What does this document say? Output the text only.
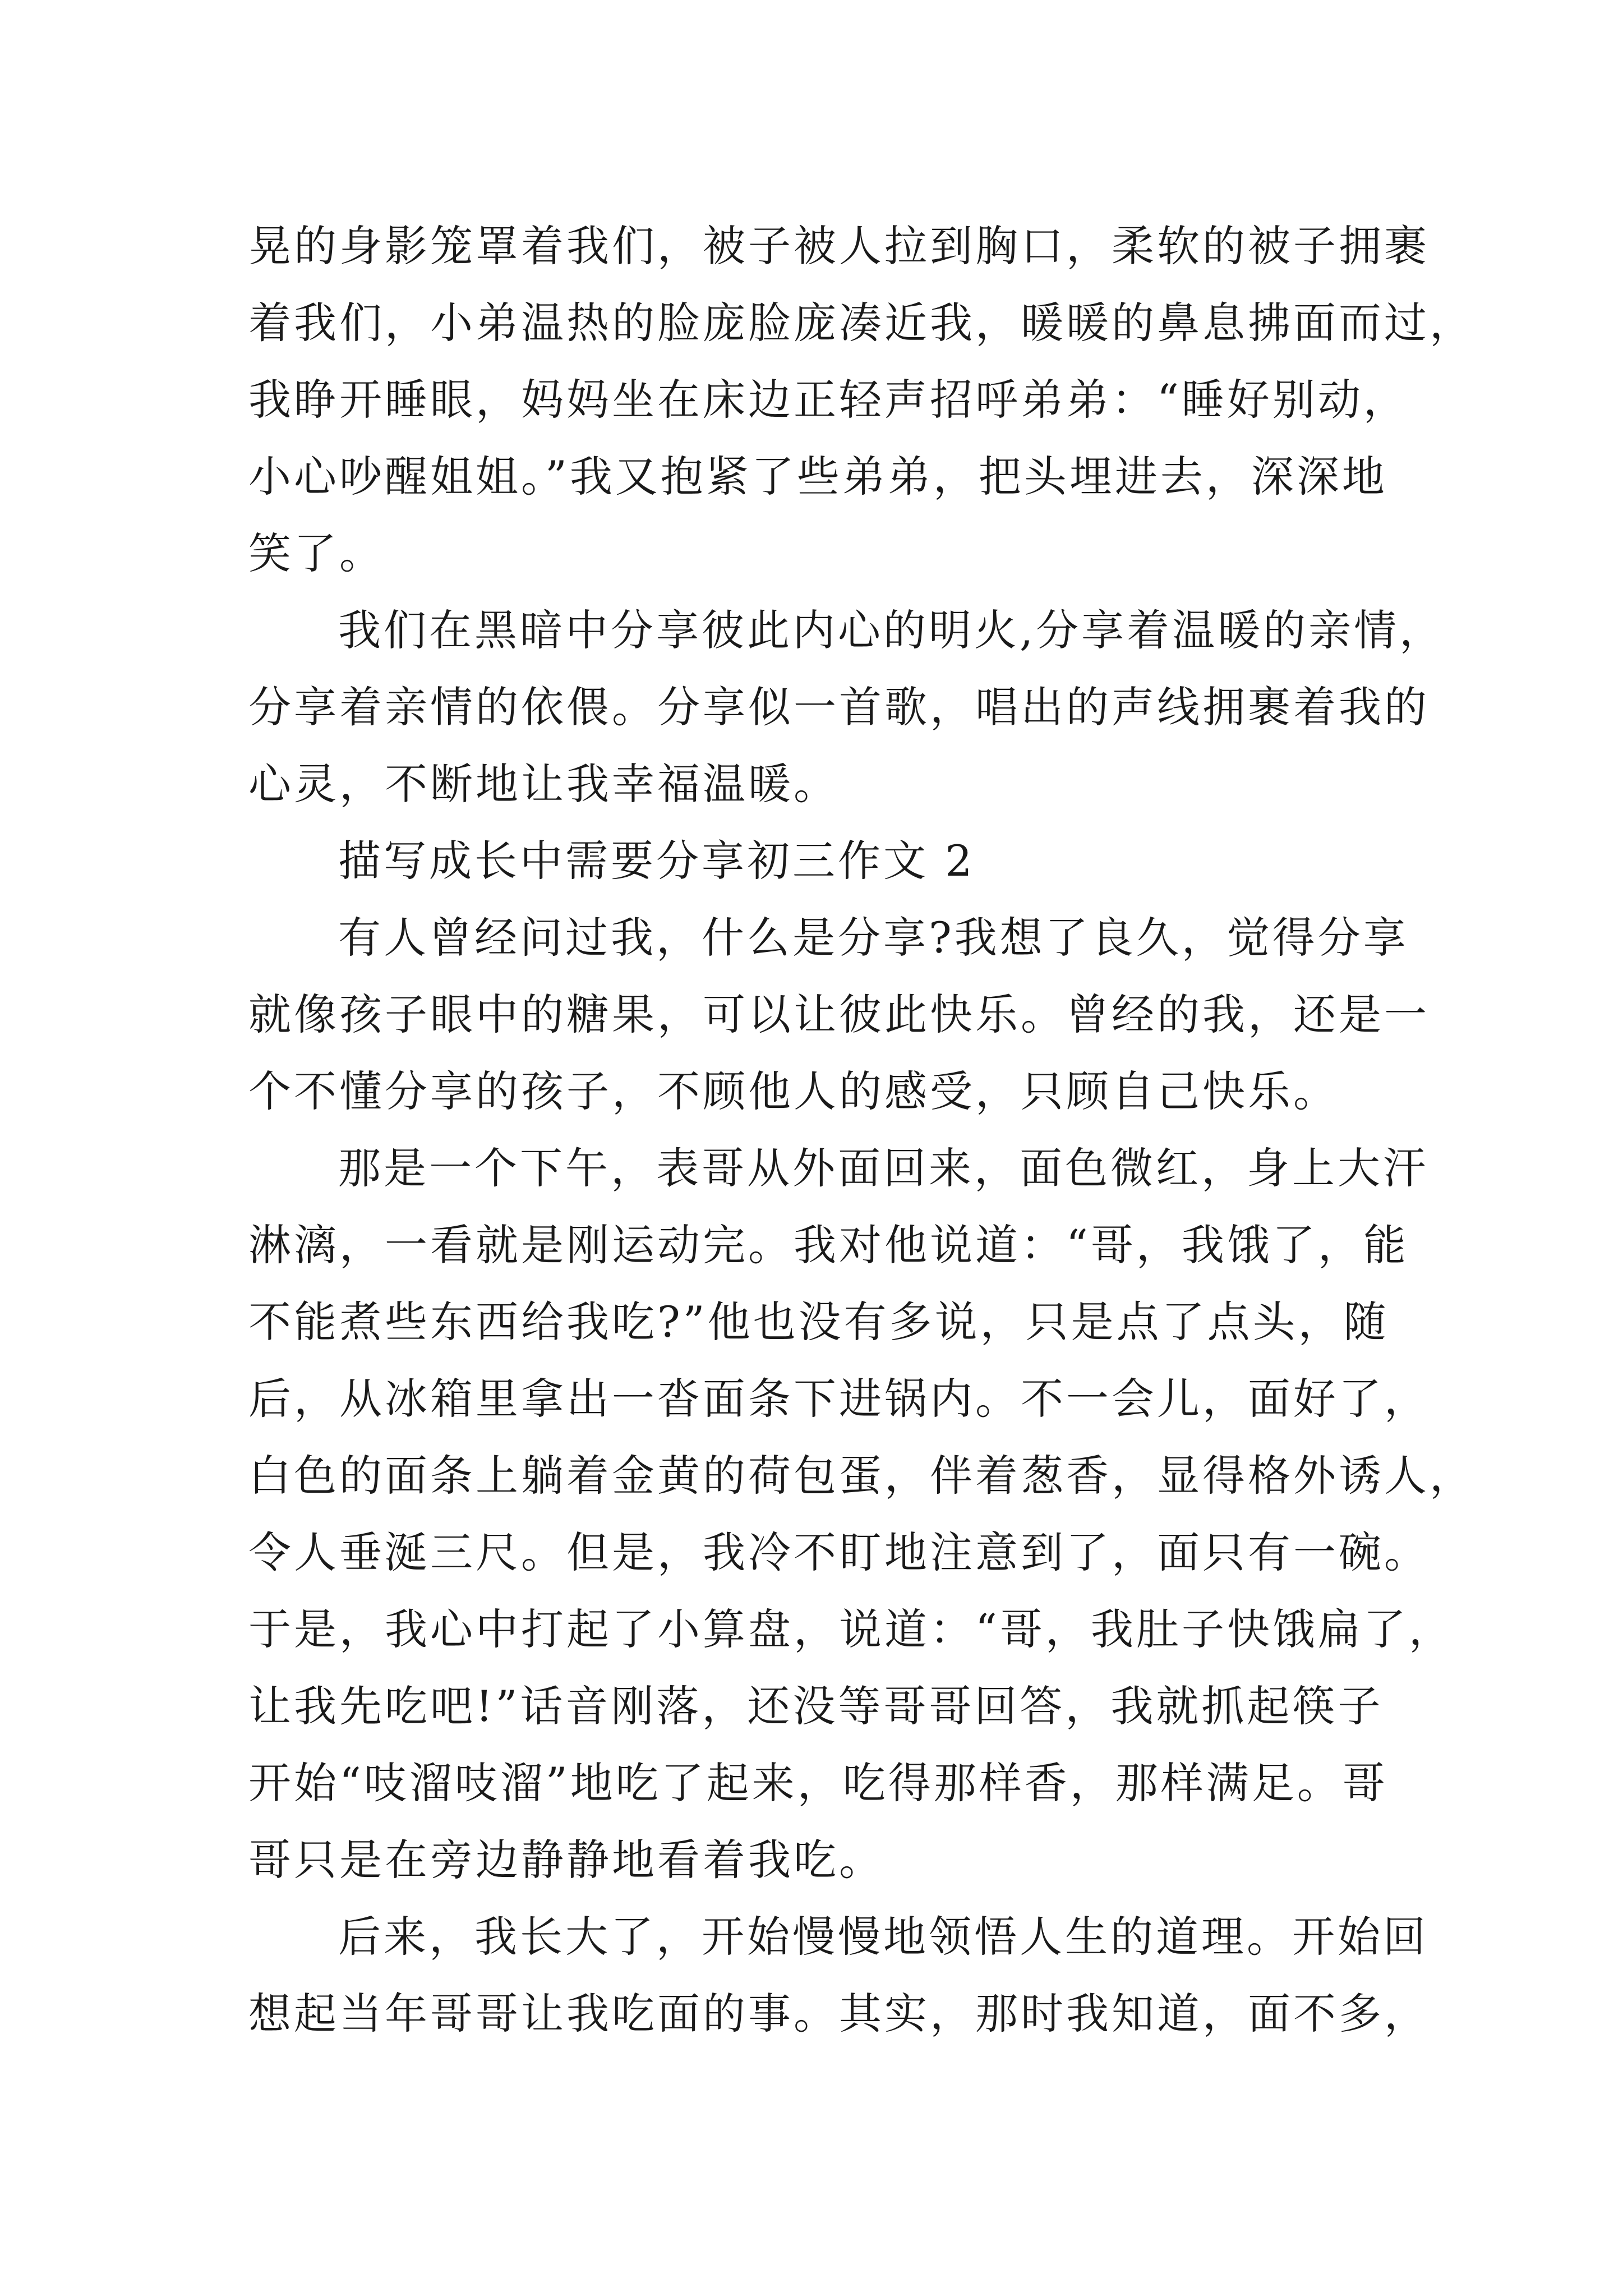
晃的身影笼罩着我们，被子被人拉到胸口，柔软的被子拥裹
着我们，小弟温热的脸庞脸庞凑近我，暖暖的鼻息拂面而过，
我睁开睡眼，妈妈坐在床边正轻声招呼弟弟：“睡好别动，
小心吵醒姐姐。”我又抱紧了些弟弟，把头埋进去，深深地
笑了。
我们在黑暗中分享彼此内心的明火,分享着温暖的亲情，
分享着亲情的依偎。分享似一首歌，唱出的声线拥裹着我的
心灵，不断地让我幸福温暖。
描写成长中需要分享初三作文 2
有人曾经问过我，什么是分享?我想了良久，觉得分享
就像孩子眼中的糖果，可以让彼此快乐。曾经的我，还是一
个不懂分享的孩子，不顾他人的感受，只顾自己快乐。
那是一个下午，表哥从外面回来，面色微红，身上大汗
淋漓，一看就是刚运动完。我对他说道：“哥，我饿了，能
不能煮些东西给我吃?”他也没有多说，只是点了点头，随
后，从冰箱里拿出一沓面条下进锅内。不一会儿，面好了，
白色的面条上躺着金黄的荷包蛋，伴着葱香，显得格外诱人，
令人垂涎三尺。但是，我冷不盯地注意到了，面只有一碗。
于是，我心中打起了小算盘，说道：“哥，我肚子快饿扁了，
让我先吃吧!”话音刚落，还没等哥哥回答，我就抓起筷子
开始“吱溜吱溜”地吃了起来，吃得那样香，那样满足。哥
哥只是在旁边静静地看着我吃。
后来，我长大了，开始慢慢地领悟人生的道理。开始回
想起当年哥哥让我吃面的事。其实，那时我知道，面不多，
